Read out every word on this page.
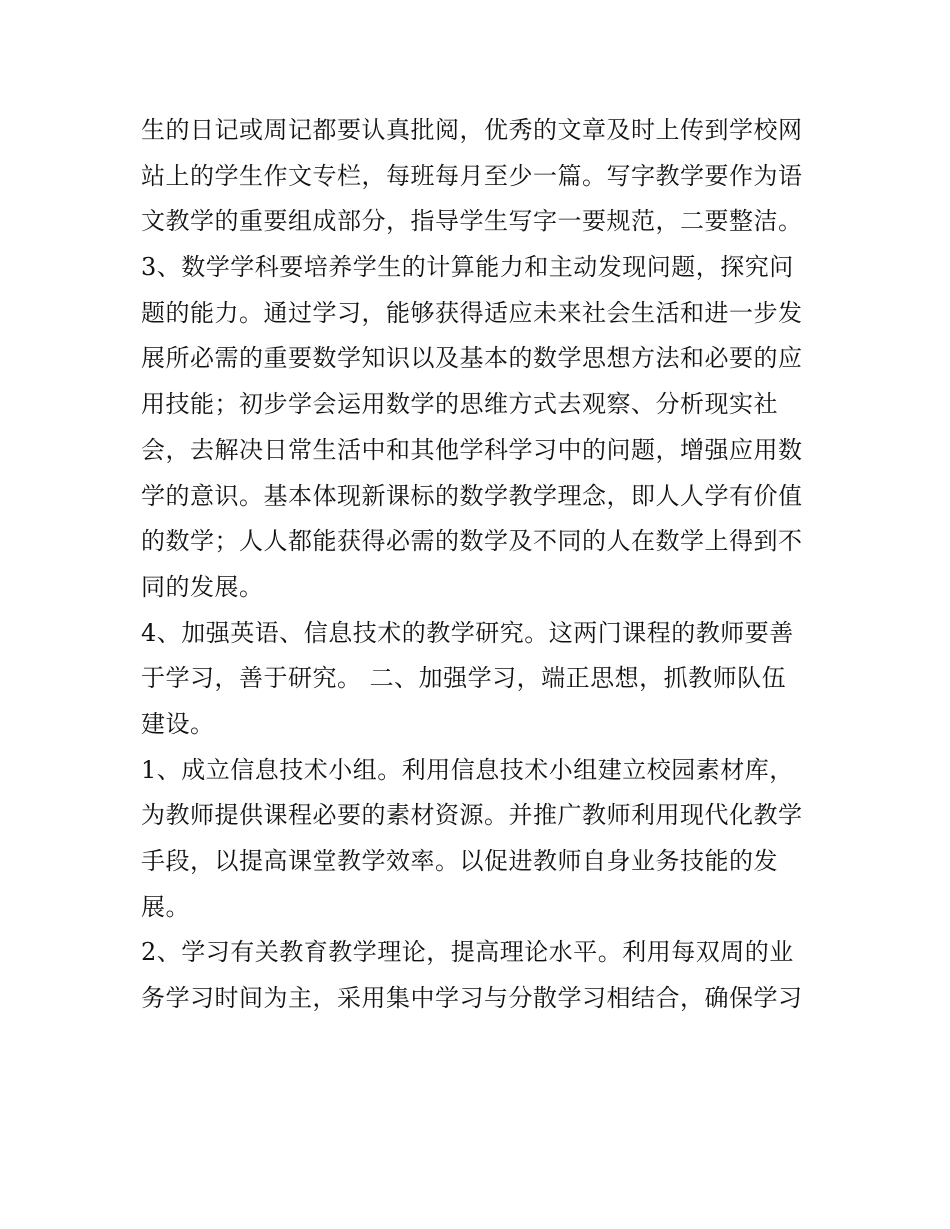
生的日记或周记都要认真批阅，优秀的文章及时上传到学校网
站上的学生作文专栏，每班每月至少一篇。写字教学要作为语
文教学的重要组成部分，指导学生写字一要规范，二要整洁。
3、数学学科要培养学生的计算能力和主动发现问题，探究问
题的能力。通过学习，能够获得适应未来社会生活和进一步发
展所必需的重要数学知识以及基本的数学思想方法和必要的应
用技能；初步学会运用数学的思维方式去观察、分析现实社
会，去解决日常生活中和其他学科学习中的问题，增强应用数
学的意识。基本体现新课标的数学教学理念，即人人学有价值
的数学；人人都能获得必需的数学及不同的人在数学上得到不
同的发展。
4、加强英语、信息技术的教学研究。这两门课程的教师要善
于学习，善于研究。 二、加强学习，端正思想，抓教师队伍
建设。
1、成立信息技术小组。利用信息技术小组建立校园素材库，
为教师提供课程必要的素材资源。并推广教师利用现代化教学
手段，以提高课堂教学效率。以促进教师自身业务技能的发
展。
2、学习有关教育教学理论，提高理论水平。利用每双周的业
务学习时间为主，采用集中学习与分散学习相结合，确保学习
